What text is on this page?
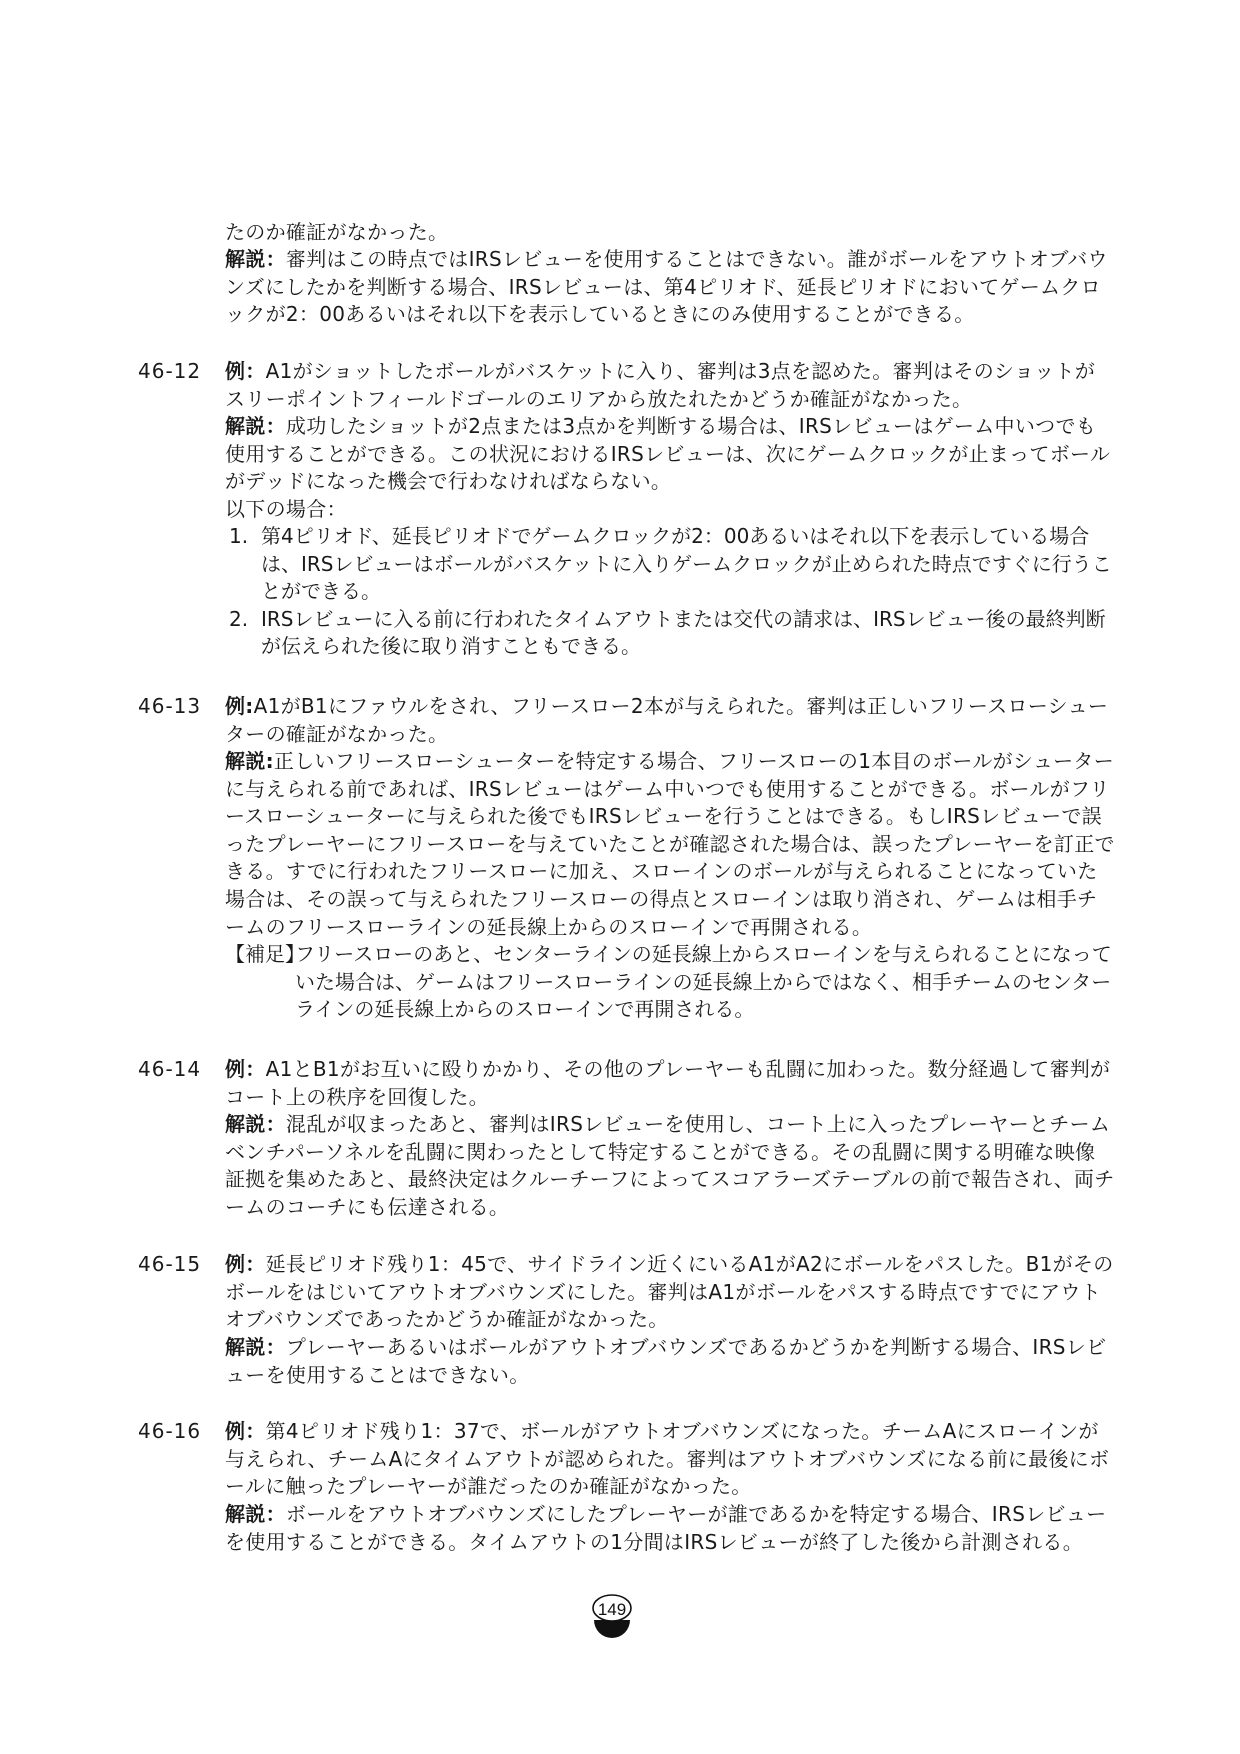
たのか確証がなかった。
解説：審判はこの時点ではIRSレビューを使用することはできない。誰がボールをアウトオブバウンズにしたかを判断する場合、IRSレビューは、第4ピリオド、延長ピリオドにおいてゲームクロックが2：00あるいはそれ以下を表示しているときにのみ使用することができる。
46-12 例：A1がショットしたボールがバスケットに入り、審判は3点を認めた。審判はそのショットがスリーポイントフィールドゴールのエリアから放たれたかどうか確証がなかった。
解説：成功したショットが2点または3点かを判断する場合は、IRSレビューはゲーム中いつでも使用することができる。この状況におけるIRSレビューは、次にゲームクロックが止まってボールがデッドになった機会で行わなければならない。
以下の場合：
1. 第4ピリオド、延長ピリオドでゲームクロックが2：00あるいはそれ以下を表示している場合は、IRSレビューはボールがバスケットに入りゲームクロックが止められた時点ですぐに行うことができる。
2. IRSレビューに入る前に行われたタイムアウトまたは交代の請求は、IRSレビュー後の最終判断が伝えられた後に取り消すこともできる。
46-13 例:A1がB1にファウルをされ、フリースロー2本が与えられた。審判は正しいフリースローシューターの確証がなかった。
解説:正しいフリースローシューターを特定する場合、フリースローの1本目のボールがシューターに与えられる前であれば、IRSレビューはゲーム中いつでも使用することができる。ボールがフリースローシューターに与えられた後でもIRSレビューを行うことはできる。もしIRSレビューで誤ったプレーヤーにフリースローを与えていたことが確認された場合は、誤ったプレーヤーを訂正できる。すでに行われたフリースローに加え、スローインのボールが与えられることになっていた場合は、その誤って与えられたフリースローの得点とスローインは取り消され、ゲームは相手チームのフリースローラインの延長線上からのスローインで再開される。
【補足】
フリースローのあと、センターラインの延長線上からスローインを与えられることになっていた場合は、ゲームはフリースローラインの延長線上からではなく、相手チームのセンターラインの延長線上からのスローインで再開される。
46-14 例：A1とB1がお互いに殴りかかり、その他のプレーヤーも乱闘に加わった。数分経過して審判がコート上の秩序を回復した。
解説：混乱が収まったあと、審判はIRSレビューを使用し、コート上に入ったプレーヤーとチームベンチパーソネルを乱闘に関わったとして特定することができる。その乱闘に関する明確な映像証拠を集めたあと、最終決定はクルーチーフによってスコアラーズテーブルの前で報告され、両チームのコーチにも伝達される。
46-15 例：延長ピリオド残り1：45で、サイドライン近くにいるA1がA2にボールをパスした。B1がそのボールをはじいてアウトオブバウンズにした。審判はA1がボールをパスする時点ですでにアウトオブバウンズであったかどうか確証がなかった。
解説：プレーヤーあるいはボールがアウトオブバウンズであるかどうかを判断する場合、IRSレビューを使用することはできない。
46-16 例：第4ピリオド残り1：37で、ボールがアウトオブバウンズになった。チームAにスローインが与えられ、チームAにタイムアウトが認められた。審判はアウトオブバウンズになる前に最後にボールに触ったプレーヤーが誰だったのか確証がなかった。
解説：ボールをアウトオブバウンズにしたプレーヤーが誰であるかを特定する場合、IRSレビューを使用することができる。タイムアウトの1分間はIRSレビューが終了した後から計測される。
149
